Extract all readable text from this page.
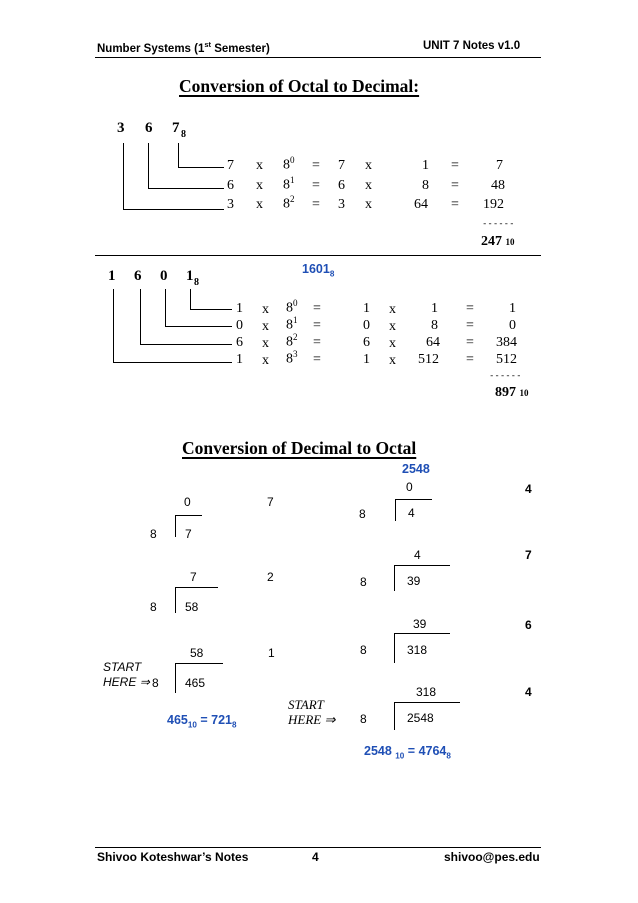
Number Systems (1st Semester)	UNIT 7 Notes v1.0
Conversion of Octal to Decimal:
3 6 7 8
7 x $8^0 = 7$ x	1 =	7
6 x $8^1 = 6$ x	8 = 48
3 x $8^2 = 3$ x	64 = 192
------
247 10
$1601_8$
1 6 0 1 8
1 x $8^0$ =	1 x	1 =	1
0 x $8^1$ =	0 x	8 =	0
6 x $8^2$ =	6 x 64 = 384
1 x $8^3$ =	1 x 512 = 512
------
897 10
Conversion of Decimal to Octal
2548
0	7
8 7
7	2
8 58
58	1
8 465
START
HERE ⇒
$465_{10} = 721_8$
0	4
8	4
4	7
8	39
39	6
8	318
318	4
8	2548
START
HERE ⇒
2548 $_{10} = 4764_8$
Shivoo Koteshwar’s Notes	4	shivoo@pes.edu
